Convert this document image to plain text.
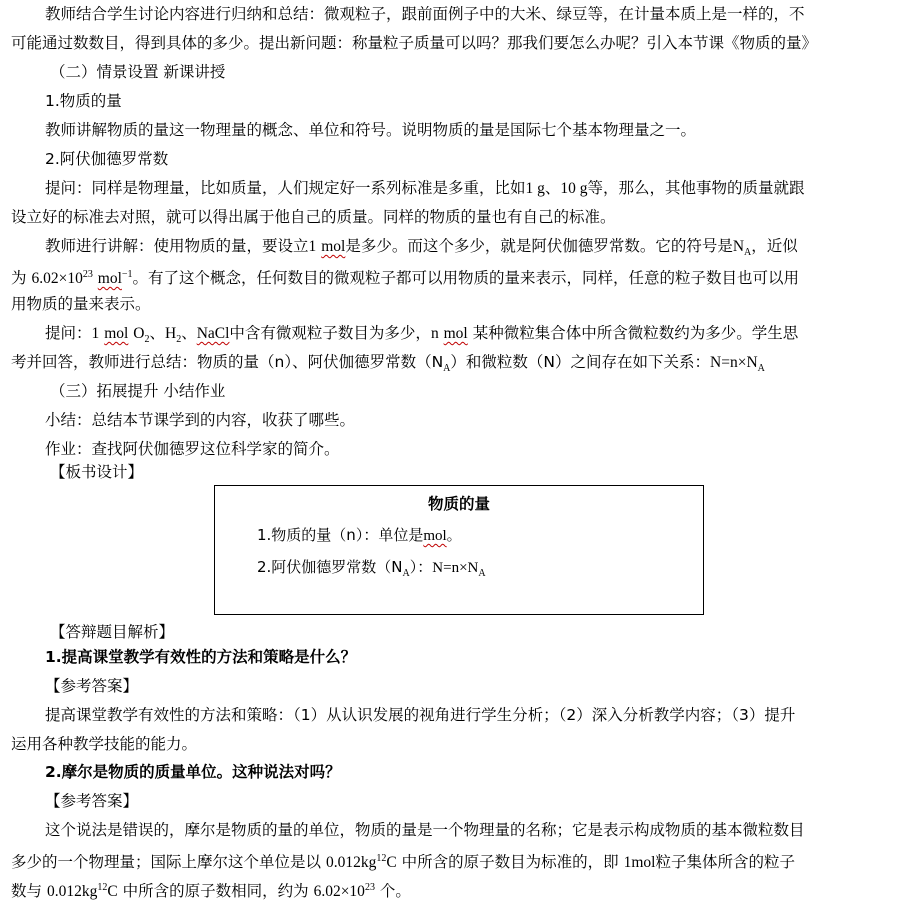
教师结合学生讨论内容进行归纳和总结：微观粒子，跟前面例子中的大米、绿豆等，在计量本质上是一样的，不
可能通过数数目，得到具体的多少。提出新问题：称量粒子质量可以吗？那我们要怎么办呢？引入本节课《物质的量》
（二）情景设置 新课讲授
1.物质的量
教师讲解物质的量这一物理量的概念、单位和符号。说明物质的量是国际七个基本物理量之一。
2.阿伏伽德罗常数
提问：同样是物理量，比如质量，人们规定好一系列标准是多重，比如1 g、10 g等，那么，其他事物的质量就跟
设立好的标准去对照，就可以得出属于他自己的质量。同样的物质的量也有自己的标准。
教师进行讲解：使用物质的量，要设立1 mol是多少。而这个多少，就是阿伏伽德罗常数。它的符号是$N_A$，近似
为 $6.02\times 10^{23}$ mol$^{-1}$。有了这个概念，任何数目的微观粒子都可以用物质的量来表示，同样，任意的粒子数目也可以用
用物质的量来表示。
提问：1 mol $O_2$、$H_2$、NaCl中含有微观粒子数目为多少，n mol 某种微粒集合体中所含微粒数约为多少。学生思
考并回答，教师进行总结：物质的量（n）、阿伏伽德罗常数$(N_A)$和微粒数（N）之间存在如下关系：$N=n\times N_A$
（三）拓展提升 小结作业
小结：总结本节课学到的内容，收获了哪些。
作业：查找阿伏伽德罗这位科学家的简介。
【板书设计】
物质的量
1.物质的量（n）：单位是mol。
2.阿伏伽德罗常数$(N_A)$：$N=n\times N_A$
【答辩题目解析】
1.提高课堂教学有效性的方法和策略是什么？
【参考答案】
提高课堂教学有效性的方法和策略：（1）从认识发展的视角进行学生分析；（2）深入分析教学内容；（3）提升
运用各种教学技能的能力。
2.摩尔是物质的质量单位。这种说法对吗？
【参考答案】
这个说法是错误的，摩尔是物质的量的单位，物质的量是一个物理量的名称；它是表示构成物质的基本微粒数目
多少的一个物理量；国际上摩尔这个单位是以 $0.012kg^{12}C$ 中所含的原子数目为标准的，即 1mol粒子集体所含的粒子
数与 $0.012kg^{12}C$ 中所含的原子数相同，约为 $6.02\times 10^{23}$ 个。
